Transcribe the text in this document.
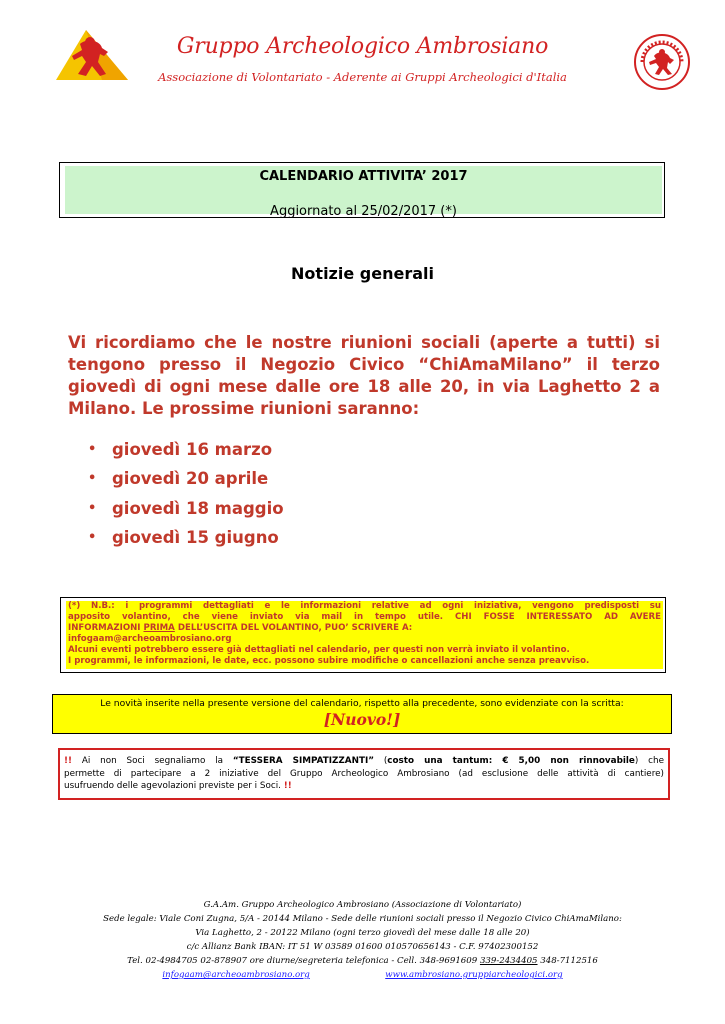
Gruppo Archeologico Ambrosiano
Associazione di Volontariato - Aderente ai Gruppi Archeologici d'Italia
CALENDARIO ATTIVITA’ 2017
Aggiornato al 25/02/2017 (*)
Notizie generali
Vi ricordiamo che le nostre riunioni sociali (aperte a tutti) si
tengono presso il Negozio Civico “ChiAmaMilano” il terzo
giovedì di ogni mese dalle ore 18 alle 20, in via Laghetto 2 a
Milano. Le prossime riunioni saranno:
• giovedì 16 marzo
• giovedì 20 aprile
• giovedì 18 maggio
• giovedì 15 giugno
(*) N.B.: i programmi dettagliati e le informazioni relative ad ogni iniziativa, vengono predisposti su
apposito volantino, che viene inviato via mail in tempo utile. CHI FOSSE INTERESSATO AD AVERE
INFORMAZIONI PRIMA DELL’USCITA DEL VOLANTINO, PUO’ SCRIVERE A:
infogaam@archeoambrosiano.org
Alcuni eventi potrebbero essere già dettagliati nel calendario, per questi non verrà inviato il volantino.
I programmi, le informazioni, le date, ecc. possono subire modifiche o cancellazioni anche senza preavviso.
Le novità inserite nella presente versione del calendario, rispetto alla precedente, sono evidenziate con la scritta:
[Nuovo!]
!! Ai non Soci segnaliamo la “TESSERA SIMPATIZZANTI” (costo una tantum: € 5,00 non rinnovabile) che
permette di partecipare a 2 iniziative del Gruppo Archeologico Ambrosiano (ad esclusione delle attività di cantiere)
usufruendo delle agevolazioni previste per i Soci. !!
G.A.Am. Gruppo Archeologico Ambrosiano (Associazione di Volontariato)
Sede legale: Viale Coni Zugna, 5/A - 20144 Milano - Sede delle riunioni sociali presso il Negozio Civico ChiAmaMilano:
Via Laghetto, 2 - 20122 Milano (ogni terzo giovedì del mese dalle 18 alle 20)
c/c Allianz Bank IBAN: IT 51 W 03589 01600 010570656143 - C.F. 97402300152
Tel. 02-4984705 02-878907 ore diurne/segreteria telefonica - Cell. 348-9691609 339-2434405 348-7112516
infogaam@archeoambrosiano.org	www.ambrosiano.gruppiarcheologici.org
